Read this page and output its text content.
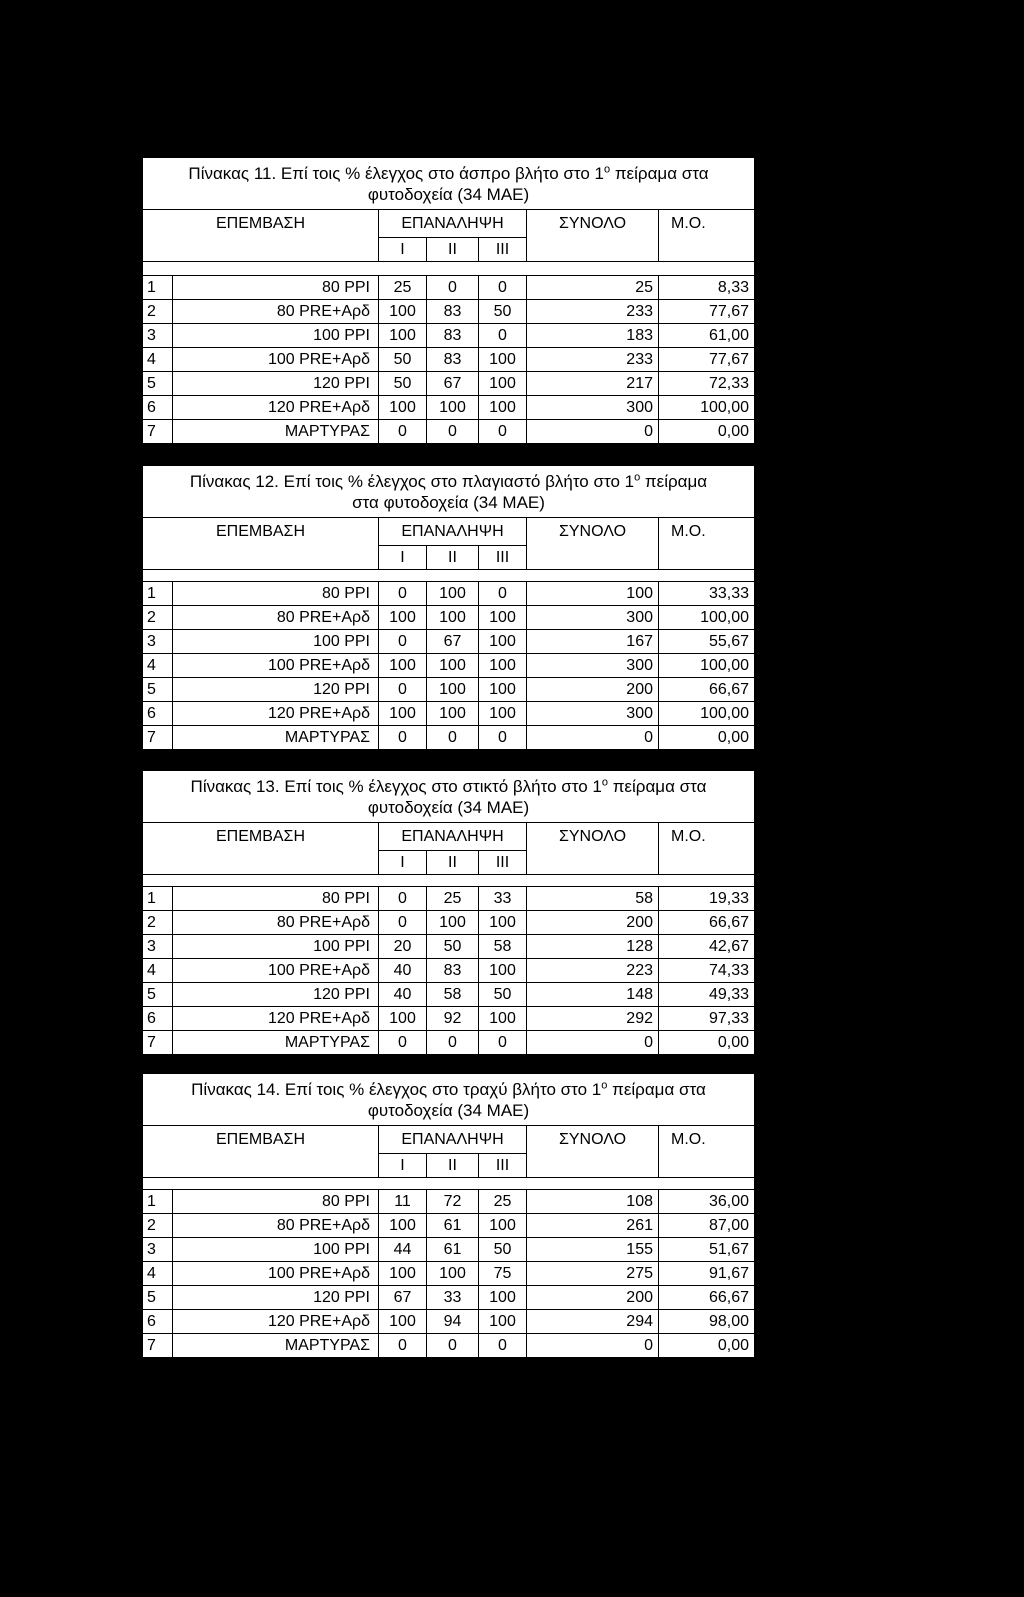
Πίνακας 11. Επί τοις % έλεγχος στο άσπρο βλήτο στο $1^o$ πείραμα στα
φυτοδοχεία (34 ΜΑΕ)						
ΕΠΕΜΒΑΣΗ		ΕΠΑΝΑΛΗΨΗ			ΣΥΝΟΛΟ	Μ.Ο.
		I	II	III		

1	80 PPI	25	0	0	25	8,33
2	80 PRE+Αρδ	100	83	50	233	77,67
3	100 PPI	100	83	0	183	61,00
4	100 PRE+Αρδ	50	83	100	233	77,67
5	120 PPI	50	67	100	217	72,33
6	120 PRE+Αρδ	100	100	100	300	100,00
7	ΜΑΡΤΥΡΑΣ	0	0	0	0	0,00
Πίνακας 12. Επί τοις % έλεγχος στο πλαγιαστό βλήτο στο $1^o$ πείραμα
στα φυτοδοχεία (34 ΜΑΕ)						
ΕΠΕΜΒΑΣΗ		ΕΠΑΝΑΛΗΨΗ			ΣΥΝΟΛΟ	Μ.Ο.
		I	II	III		

1	80 PPI	0	100	0	100	33,33
2	80 PRE+Αρδ	100	100	100	300	100,00
3	100 PPI	0	67	100	167	55,67
4	100 PRE+Αρδ	100	100	100	300	100,00
5	120 PPI	0	100	100	200	66,67
6	120 PRE+Αρδ	100	100	100	300	100,00
7	ΜΑΡΤΥΡΑΣ	0	0	0	0	0,00
Πίνακας 13. Επί τοις % έλεγχος στο στικτό βλήτο στο $1^o$ πείραμα στα
φυτοδοχεία (34 ΜΑΕ)						
ΕΠΕΜΒΑΣΗ		ΕΠΑΝΑΛΗΨΗ			ΣΥΝΟΛΟ	Μ.Ο.
		I	II	III		

1	80 PPI	0	25	33	58	19,33
2	80 PRE+Αρδ	0	100	100	200	66,67
3	100 PPI	20	50	58	128	42,67
4	100 PRE+Αρδ	40	83	100	223	74,33
5	120 PPI	40	58	50	148	49,33
6	120 PRE+Αρδ	100	92	100	292	97,33
7	ΜΑΡΤΥΡΑΣ	0	0	0	0	0,00
Πίνακας 14. Επί τοις % έλεγχος στο τραχύ βλήτο στο $1^o$ πείραμα στα
φυτοδοχεία (34 ΜΑΕ)						
ΕΠΕΜΒΑΣΗ		ΕΠΑΝΑΛΗΨΗ			ΣΥΝΟΛΟ	Μ.Ο.
		I	II	III		

1	80 PPI	11	72	25	108	36,00
2	80 PRE+Αρδ	100	61	100	261	87,00
3	100 PPI	44	61	50	155	51,67
4	100 PRE+Αρδ	100	100	75	275	91,67
5	120 PPI	67	33	100	200	66,67
6	120 PRE+Αρδ	100	94	100	294	98,00
7	ΜΑΡΤΥΡΑΣ	0	0	0	0	0,00
